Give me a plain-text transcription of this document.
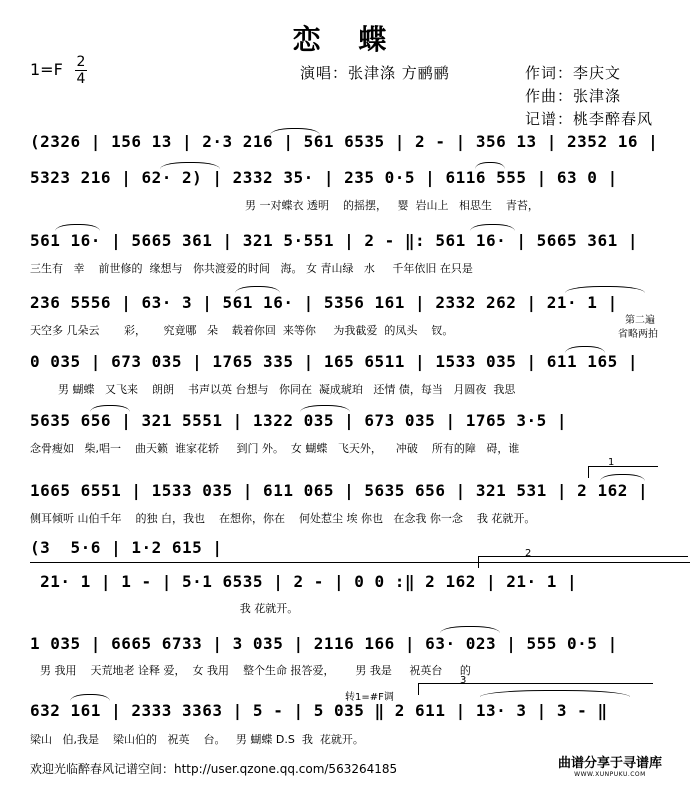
恋 蝶
1=F 2
4	演唱：张津涤 方鹂鹂	作词：李庆文
作曲：张津涤
记谱：桃李醉春风
(2326 | 156 13 | 2·3 216 | 561 6535 | 2 - | 356 13 | 2352 16 |
5323 216 | 62· 2) | 2332 35· | 235 0·5 | 6116 555 | 63 0 |
男 一对蝶衣 透明    的摇摆，   婴  岩山上   相思生    青苔，
561 16· | 5665 361 | 321 5·551 | 2 - ‖: 561 16· | 5665 361 |
三生有   幸    前世修的  缘想与   你共渡爱的时间   海。 女 青山绿   水     千年依旧 在只是
236 5556 | 63· 3 | 561 16· | 5356 161 | 2332 262 | 21· 1 |
天空多 几朵云       彩，     究竟哪   朵    载着你回  来等你     为我截爱  的凤头    钗。
第二遍
省略两拍
0 035 | 673 035 | 1765 335 | 165 6511 | 1533 035 | 611 165 |
男 蝴蝶   又飞来    朗朗    书声以英 台想与   你同在  凝成琥珀   还情 债，每当   月圆夜  我思
5635 656 | 321 5551 | 1322 035 | 673 035 | 1765 3·5 |
念骨瘦如   柴,唱一    曲天籁  谁家花轿     到门 外。  女 蝴蝶   飞天外，    冲破    所有的障   碍，谁
1
1665 6551 | 1533 035 | 611 065 | 5635 656 | 321 531 | 2 162 |
侧耳倾听 山伯千年    的独 白，我也    在想你，你在    何处惹尘 埃 你也   在念我 你一念    我 花就开。
(3  5·6 | 1·2 615 |	2
21· 1 | 1 - | 5·1 6535 | 2 - | 0 0 :‖ 2 162 | 21· 1 |
我 花就开。
1 035 | 6665 6733 | 3 035 | 2116 166 | 63· 023 | 555 0·5 |
男 我用    天荒地老 诠释 爱，  女 我用    整个生命 报答爱，      男 我是     祝英台     的
3
转1=#F调
632 161 | 2333 3363 | 5 - | 5 035 ‖ 2 611 | 13· 3 | 3 - ‖
梁山   伯,我是    梁山伯的   祝英    台。   男 蝴蝶 D.S  我  花就开。
欢迎光临醉春风记谱空间：http://user.qzone.qq.com/563264185	曲谱分享于寻谱库
WWW.XUNPUKU.COM
